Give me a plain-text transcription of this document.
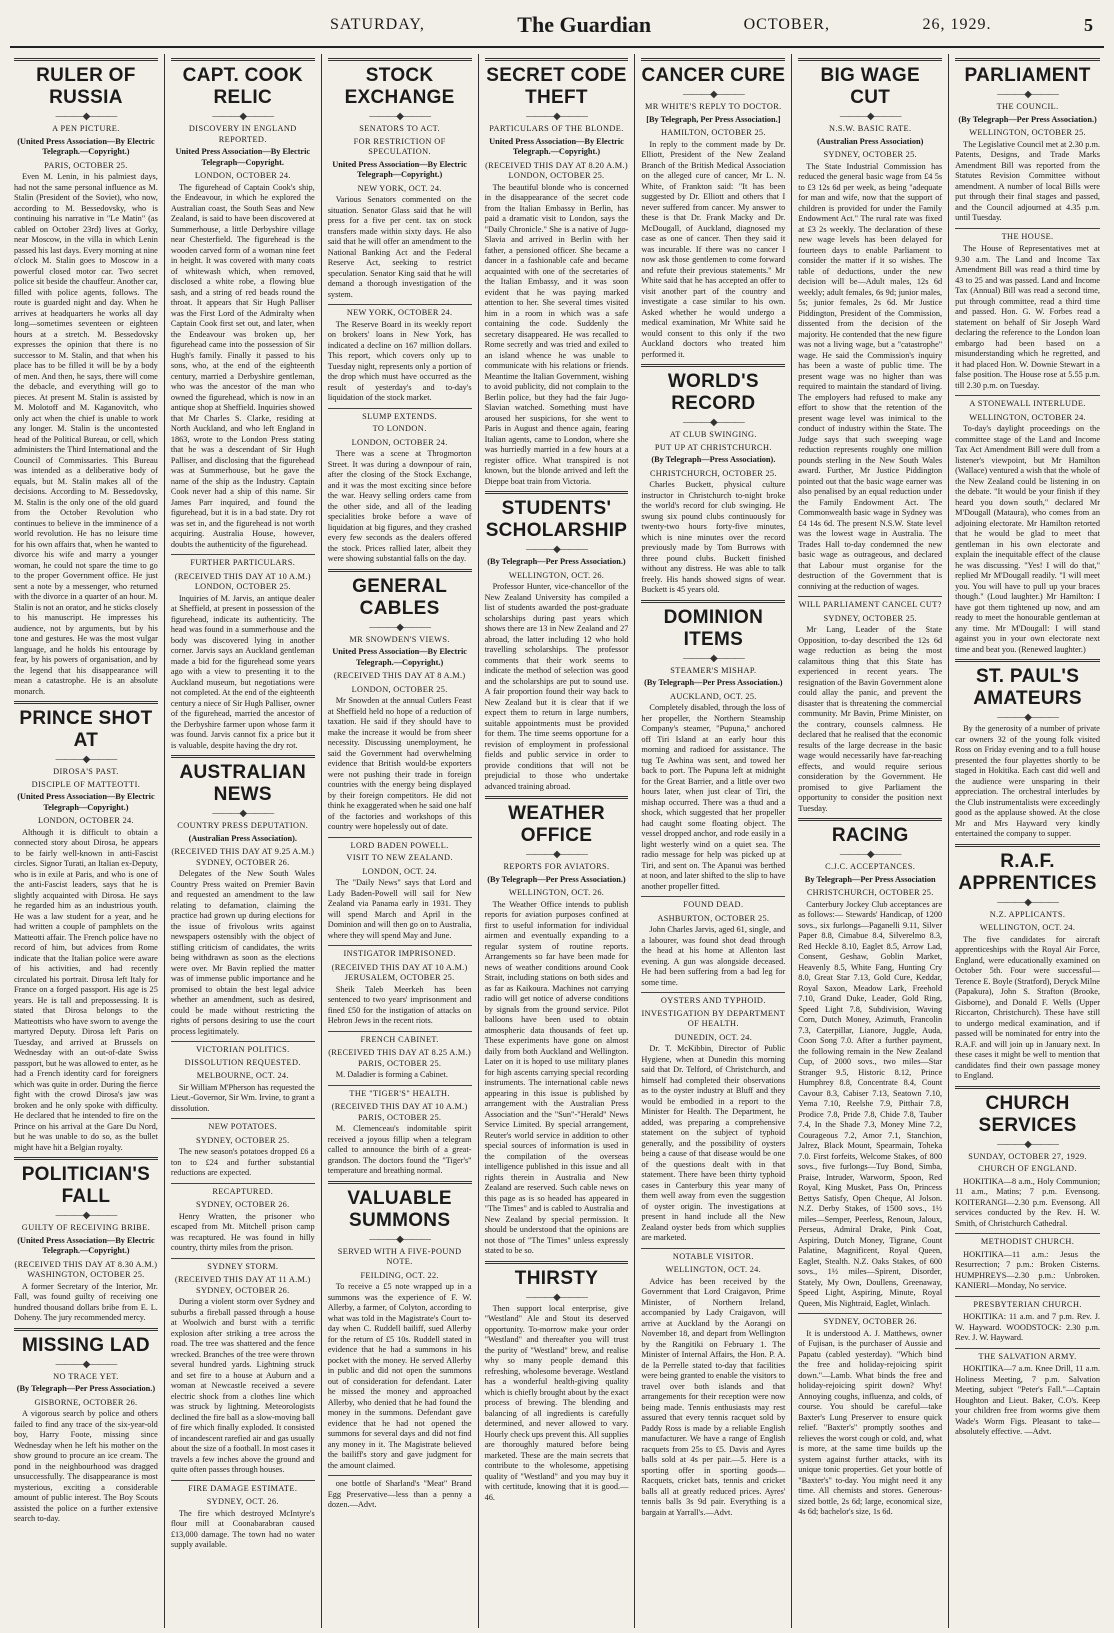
SATURDAY,	The Guardian	OCTOBER,	26, 1929.	5
RULER OF RUSSIA
———◆———
A PEN PICTURE.
(United Press Association—By Electric Telegraph.—Copyright.)
PARIS, OCTOBER 25.

Even M. Lenin, in his palmiest days, had not the same personal influence as M. Stalin (President of the Soviet), who now, according to M. Bessedovsky, who is continuing his narrative in "Le Matin" (as cabled on October 23rd) lives at Gorky, near Moscow, in the villa in which Lenin passed his last days. Every morning at nine o'clock M. Stalin goes to Moscow in a powerful closed motor car. Two secret police sit beside the chauffeur. Another car, filled with police agents, follows. The route is guarded night and day. When he arrives at headquarters he works all day long—sometimes seventeen or eighteen hours at a stretch. M. Bessedovsky expresses the opinion that there is no successor to M. Stalin, and that when his place has to be filled it will be by a body of men. And then, he says, there will come the debacle, and everything will go to pieces. At present M. Stalin is assisted by M. Molotoff and M. Kaganovitch, who only act when the chief is unable to work any longer. M. Stalin is the uncontested head of the Political Bureau, or cell, which administers the Third International and the Council of Commissaries. This Bureau was intended as a deliberative body of equals, but M. Stalin makes all of the decisions. According to M. Bessedovsky, M. Stalin is the only one of the old guard from the October Revolution who continues to believe in the imminence of a world revolution. He has no leisure time for his own affairs that, when he wanted to divorce his wife and marry a younger woman, he could not spare the time to go to the proper Government office. He just sent a note by a messenger, who returned with the divorce in a quarter of an hour. M. Stalin is not an orator, and he sticks closely to his manuscript. He impresses his audience, not by arguments, but by his tone and gestures. He was the most vulgar language, and he holds his entourage by fear, by his powers of organisation, and by the legend that his disappearance will mean a catastrophe. He is an absolute monarch.

PRINCE SHOT AT
———◆———
DIROSA'S PAST.
DISCIPLE OF MATTEOTTI.
(United Press Association—By Electric Telegraph—Copyright.)
LONDON, OCTOBER 24.

Although it is difficult to obtain a connected story about Dirosa, he appears to be fairly well-known in anti-Fascist circles. Signor Turati, an Italian ex-Deputy, who is in exile at Paris, and who is one of the anti-Fascist leaders, says that he is slightly acquainted with Dirosa. He says he regarded him as an industrious youth. He was a law student for a year, and he had written a couple of pamphlets on the Matteotti affair. The French police have no record of him, but advices from Rome indicate that the Italian police were aware of his activities, and had recently circulated his portrait. Dirosa left Italy for France on a forged passport. His age is 25 years. He is tall and prepossessing. It is stated that Dirosa belongs to the Matteottists who have sworn to avenge the martyred Deputy. Dirosa left Paris on Tuesday, and arrived at Brussels on Wednesday with an out-of-date Swiss passport, but he was allowed to enter, as he had a French identity card for foreigners which was quite in order. During the fierce fight with the crowd Dirosa's jaw was broken and he only spoke with difficulty. He declared that he intended to fire on the Prince on his arrival at the Gare Du Nord, but he was unable to do so, as the bullet might have hit a Belgian royalty.

POLITICIAN'S FALL
———◆———
GUILTY OF RECEIVING BRIBE.
(United Press Association—By Electric Telegraph.—Copyright.)
(RECEIVED THIS DAY AT 8.30 A.M.) WASHINGTON, OCTOBER 25.

A former Secretary of the Interior, Mr. Fall, was found guilty of receiving one hundred thousand dollars bribe from E. L. Doheny. The jury recommended mercy.

MISSING LAD
———◆———
NO TRACE YET.
(By Telegraph—Per Press Association.)
GISBORNE, OCTOBER 26.

A vigorous search by police and others failed to find any trace of the six-year-old boy, Harry Foote, missing since Wednesday when he left his mother on the show ground to procure an ice cream. The pond in the neighbourhood was dragged unsuccessfully. The disappearance is most mysterious, exciting a considerable amount of public interest. The Boy Scouts assisted the police on a further extensive search to-day.

CAPT. COOK RELIC
———◆———
DISCOVERY IN ENGLAND REPORTED.
United Press Association—By Electric Telegraph—Copyright.
LONDON, OCTOBER 24.

The figurehead of Captain Cook's ship, the Endeavour, in which he explored the Australian coast, the South Seas and New Zealand, is said to have been discovered at Summerhouse, a little Derbyshire village near Chesterfield. The figurehead is the wooden carved form of a woman nine feet in height. It was covered with many coats of whitewash which, when removed, disclosed a white robe, a flowing blue sash, and a string of red beads round the throat. It appears that Sir Hugh Palliser was the First Lord of the Admiralty when Captain Cook first set out, and later, when the Endeavour was broken up, her figurehead came into the possession of Sir Hugh's family. Finally it passed to his sons, who, at the end of the eighteenth century, married a Derbyshire gentleman, who was the ancestor of the man who owned the figurehead, which is now in an antique shop at Sheffield. Inquiries showed that Mr Charles S. Clarke, residing at North Auckland, and who left England in 1863, wrote to the London Press stating that he was a descendant of Sir Hugh Palliser, and disclosing that the figurehead was at Summerhouse, but he gave the name of the ship as the Industry. Captain Cook never had a ship of this name. Sir James Parr inquired, and found the figurehead, but it is in a bad state. Dry rot was set in, and the figurehead is not worth acquiring. Australia House, however, doubts the authenticity of the figurehead.

FURTHER PARTICULARS.
(RECEIVED THIS DAY AT 10 A.M.) LONDON, OCTOBER 25.

Inquiries of M. Jarvis, an antique dealer at Sheffield, at present in possession of the figurehead, indicate its authenticity. The head was found in a summerhouse and the body was discovered lying in another corner. Jarvis says an Auckland gentleman made a bid for the figurehead some years ago with a view to presenting it to the Auckland museum, but negotiations were not completed. At the end of the eighteenth century a niece of Sir Hugh Palliser, owner of the figurehead, married the ancestor of the Derbyshire farmer upon whose farm it was found. Jarvis cannot fix a price but it is valuable, despite having the dry rot.

AUSTRALIAN NEWS
———◆———
COUNTRY PRESS DEPUTATION.
(Australian Press Association).
(RECEIVED THIS DAY AT 9.25 A.M.) SYDNEY, OCTOBER 26.

Delegates of the New South Wales Country Press waited on Premier Bavin and requested an amendment to the law relating to defamation, claiming the practice had grown up during elections for the issue of frivolous writs against newspapers ostensibly with the object of stifling criticism of candidates, the writs being withdrawn as soon as the elections were over. Mr Bavin replied the matter was of immense public importance and he promised to obtain the best legal advice whether an amendment, such as desired, could be made without restricting the rights of persons desiring to use the court process legitimately.

VICTORIAN POLITICS.
DISSOLUTION REQUESTED.
MELBOURNE, OCT. 24.

Sir William M'Pherson has requested the Lieut.-Governor, Sir Wm. Irvine, to grant a dissolution.

NEW POTATOES.
SYDNEY, OCTOBER 25.

The new season's potatoes dropped £6 a ton to £24 and further substantial reductions are expected.

RECAPTURED.
SYDNEY, OCTOBER 26.

Henry Wratten, the prisoner who escaped from Mt. Mitchell prison camp was recaptured. He was found in hilly country, thirty miles from the prison.

SYDNEY STORM.
(RECEIVED THIS DAY AT 11 A.M.) SYDNEY, OCTOBER 26.

During a violent storm over Sydney and suburbs a fireball passed through a house at Woolwich and burst with a terrific explosion after striking a tree across the road. The tree was shattered and the fence wrecked. Branches of the tree were thrown several hundred yards. Lightning struck and set fire to a house at Auburn and a woman at Newcastle received a severe electric shock from a clothes line which was struck by lightning. Meteorologists declined the fire ball as a slow-moving ball of fire which finally exploded. It consisted of incandescent rarefied air and gas usually about the size of a football. In most cases it travels a few inches above the ground and quite often passes through houses.

FIRE DAMAGE ESTIMATE.
SYDNEY, OCT. 26.

The fire which destroyed McIntyre's flour mill at Coonabarabran caused £13,000 damage. The town had no water supply available.

STOCK EXCHANGE
———◆———
SENATORS TO ACT.
FOR RESTRICTION OF SPECULATION.
United Press Association—By Electric Telegraph—Copyright.)
NEW YORK, OCT. 24.

Various Senators commented on the situation. Senator Glass said that he will press for a five per cent. tax on stock transfers made within sixty days. He also said that he will offer an amendment to the National Banking Act and the Federal Reserve Act, seeking to restrict speculation. Senator King said that he will demand a thorough investigation of the system.

NEW YORK, OCTOBER 24.

The Reserve Board in its weekly report on brokers' loans in New York, has indicated a decline on 167 million dollars. This report, which covers only up to Tuesday night, represents only a portion of the drop which must have occurred as the result of yesterday's and to-day's liquidation of the stock market.

SLUMP EXTENDS.
TO LONDON.
LONDON, OCTOBER 24.

There was a scene at Throgmorton Street. It was during a downpour of rain, after the closing of the Stock Exchange, and it was the most exciting since before the war. Heavy selling orders came from the other side, and all of the leading specialities broke before a wave of liquidation at big figures, and they crashed every few seconds as the dealers offered the stock. Prices rallied later, albeit they were showing substantial falls on the day.

GENERAL CABLES
———◆———
MR SNOWDEN'S VIEWS.
United Press Association—By Electric Telegraph.—Copyright.)
(RECEIVED THIS DAY AT 8 A.M.)
LONDON, OCTOBER 25.

Mr Snowden at the annual Cutlers Feast at Sheffield held no hope of a reduction of taxation. He said if they should have to make the increase it would be from sheer necessity. Discussing unemployment, he said the Government had overwhelming evidence that British would-be exporters were not pushing their trade in foreign countries with the energy being displayed by their foreign competitors. He did not think he exaggerated when he said one half of the factories and workshops of this country were hopelessly out of date.

LORD BADEN POWELL.
VISIT TO NEW ZEALAND.
LONDON, OCT. 24.

The "Daily News" says that Lord and Lady Baden-Powell will sail for New Zealand via Panama early in 1931. They will spend March and April in the Dominion and will then go on to Australia, where they will spend May and June.

INSTIGATOR IMPRISONED.
(RECEIVED THIS DAY AT 10 A.M.) JERUSALEM, OCTOBER 25.

Sheik Taleb Meerkeh has been sentenced to two years' imprisonment and fined £50 for the instigation of attacks on Hebron Jews in the recent riots.

FRENCH CABINET.
(RECEIVED THIS DAY AT 8.25 A.M.) PARIS, OCTOBER 25.

M. Daladier is forming a Cabinet.

THE "TIGER'S" HEALTH.
(RECEIVED THIS DAY AT 10 A.M.) PARIS, OCTOBER 25.

M. Clemenceau's indomitable spirit received a joyous fillip when a telegram called to announce the birth of a great-grandson. The doctors found the "Tiger's" temperature and breathing normal.

VALUABLE SUMMONS
———◆———
SERVED WITH A FIVE-POUND NOTE.
FEILDING, OCT. 22.

To receive a £5 note wrapped up in a summons was the experience of F. W. Allerby, a farmer, of Colyton, according to what was told in the Magistrate's Court to-day when C. Ruddell bailiff, sued Allerby for the return of £5 10s. Ruddell stated in evidence that he had a summons in his pocket with the money. He served Allerby in public and did not open the summons out of consideration for defendant. Later he missed the money and approached Allerby, who denied that he had found the money in the summons. Defendant gave evidence that he had not opened the summons for several days and did not find any money in it. The Magistrate believed the bailiff's story and gave judgment for the amount claimed.

one bottle of Sharland's "Meat" Brand Egg Preservative—less than a penny a dozen.—Advt.

SECRET CODE THEFT
———◆———
PARTICULARS OF THE BLONDE.
United Press Association—By Electric Telegraph.—Copyright.)
(RECEIVED THIS DAY AT 8.20 A.M.) LONDON, OCTOBER 25.

The beautiful blonde who is concerned in the disappearance of the secret code from the Italian Embassy in Berlin, has paid a dramatic visit to London, says the "Daily Chronicle." She is a native of Jugo-Slavia and arrived in Berlin with her father, a pensioned officer. She became a dancer in a fashionable cafe and became acquainted with one of the secretaries of the Italian Embassy, and it was soon evident that he was paying marked attention to her. She several times visited him in a room in which was a safe containing the code. Suddenly the secretary disappeared. He was recalled to Rome secretly and was tried and exiled to an island whence he was unable to communicate with his relations or friends. Meantime the Italian Government, wishing to avoid publicity, did not complain to the Berlin police, but they had the fair Jugo-Slavian watched. Something must have aroused her suspicions, for she went to Paris in August and thence again, fearing Italian agents, came to London, where she was hurriedly married in a few hours at a register office. What transpired is not known, but the blonde arrived and left the Dieppe boat train from Victoria.

STUDENTS' SCHOLARSHIP
———◆———
(By Telegraph—Per Press Association.)
WELLINGTON, OCT. 26.

Professor Hunter, vice-chancellor of the New Zealand University has compiled a list of students awarded the post-graduate scholarships during past years which shows there are 13 in New Zealand and 27 abroad, the latter including 12 who hold travelling scholarships. The professor comments that their work seems to indicate the method of selection was good and the scholarships are put to sound use. A fair proportion found their way back to New Zealand but it is clear that if we expect them to return in large numbers, suitable appointments must be provided for them. The time seems opportune for a revision of employment in professional fields and public service in order to provide conditions that will not be prejudicial to those who undertake advanced training abroad.

WEATHER OFFICE
———◆———
REPORTS FOR AVIATORS.
(By Telegraph—Per Press Association.)
WELLINGTON, OCT. 26.

The Weather Office intends to publish reports for aviation purposes confined at first to useful information for individual airmen and eventually expanding to a regular system of routine reports. Arrangements so far have been made for news of weather conditions around Cook Strait, including stations on both sides and as far as Kaikoura. Machines not carrying radio will get notice of adverse conditions by signals from the ground service. Pilot balloons have been used to obtain atmospheric data thousands of feet up. These experiments have gone on almost daily from both Auckland and Wellington. Later on it is hoped to use military planes for high ascents carrying special recording instruments. The international cable news appearing in this issue is published by arrangement with the Australian Press Association and the "Sun"-"Herald" News Service Limited. By special arrangement, Reuter's world service in addition to other special sources of information is used in the compilation of the overseas intelligence published in this issue and all rights therein in Australia and New Zealand are reserved. Such cable news on this page as is so headed has appeared in "The Times" and is cabled to Australia and New Zealand by special permission. It should be understood that the opinions are not those of "The Times" unless expressly stated to be so.

THIRSTY
———◆———

Then support local enterprise, give "Westland" Ale and Stout its deserved opportunity. To-morrow make your order "Westland" and thereafter you will trust the purity of "Westland" brew, and realise why so many people demand this refreshing, wholesome beverage. Westland has a wonderful health-giving quality which is chiefly brought about by the exact process of brewing. The blending and balancing of all ingredients is carefully determined, and never allowed to vary. Hourly check ups prevent this. All supplies are thoroughly matured before being marketed. These are the main secrets that contribute to the wholesome, appetising quality of "Westland" and you may buy it with certitude, knowing that it is good.—46.

CANCER CURE
———◆———
MR WHITE'S REPLY TO DOCTOR.
[By Telegraph, Per Press Association.]
HAMILTON, OCTOBER 25.

In reply to the comment made by Dr. Elliott, President of the New Zealand Branch of the British Medical Association on the alleged cure of cancer, Mr L. N. White, of Frankton said: "It has been suggested by Dr. Elliott and others that I never suffered from cancer. My answer to these is that Dr. Frank Macky and Dr. McDougall, of Auckland, diagnosed my case as one of cancer. Then they said it was incurable. If there was no cancer I now ask those gentlemen to come forward and refute their previous statements." Mr White said that he has accepted an offer to visit another part of the country and investigate a case similar to his own. Asked whether he would undergo a medical examination, Mr White said he would consent to this only if the two Auckland doctors who treated him performed it.

WORLD'S RECORD
———◆———
AT CLUB SWINGING.
PUT UP AT CHRISTCHURCH.
(By Telegraph—Press Association).
CHRISTCHURCH, OCTOBER 25.

Charles Buckett, physical culture instructor in Christchurch to-night broke the world's record for club swinging. He swung six pound clubs continuously for twenty-two hours forty-five minutes, which is nine minutes over the record previously made by Tom Burrows with three pound clubs. Buckett finished without any distress. He was able to talk freely. His hands showed signs of wear. Buckett is 45 years old.

DOMINION ITEMS
———◆———
STEAMER'S MISHAP.
(By Telegraph—Per Press Association.)
AUCKLAND, OCT. 25.

Completely disabled, through the loss of her propeller, the Northern Steamship Company's steamer, "Pupuna," anchored off Tiri Island at an early hour this morning and radioed for assistance. The tug Te Awhina was sent, and towed her back to port. The Pupuna left at midnight for the Great Barrier, and a little over two hours later, when just clear of Tiri, the mishap occurred. There was a thud and a shock, which suggested that her propeller had caught some floating object. The vessel dropped anchor, and rode easily in a light westerly wind on a quiet sea. The radio message for help was picked up at Tiri, and sent on. The Apanui was berthed at noon, and later shifted to the slip to have another propeller fitted.

FOUND DEAD.
ASHBURTON, OCTOBER 25.

John Charles Jarvis, aged 61, single, and a labourer, was found shot dead through the head at his home at Allenton last evening. A gun was alongside deceased. He had been suffering from a bad leg for some time.

OYSTERS AND TYPHOID.
INVESTIGATION BY DEPARTMENT OF HEALTH.
DUNEDIN, OCT. 24.

Dr. T. McKibbin, Director of Public Hygiene, when at Dunedin this morning said that Dr. Telford, of Christchurch, and himself had completed their observations as to the oyster industry at Bluff and they would be embodied in a report to the Minister for Health. The Department, he added, was preparing a comprehensive statement on the subject of typhoid generally, and the possibility of oysters being a cause of that disease would be one of the questions dealt with in that statement. There have been thirty typhoid cases in Canterbury this year many of them well away from even the suggestion of oyster origin. The investigations at present in hand include all the New Zealand oyster beds from which supplies are marketed.

NOTABLE VISITOR.
WELLINGTON, OCT. 24.

Advice has been received by the Government that Lord Craigavon, Prime Minister, of Northern Ireland, accompanied by Lady Craigavon, will arrive at Auckland by the Aorangi on November 18, and depart from Wellington by the Rangitiki on February 1. The Minister of Internal Affairs, the Hon. P. A. de la Perrelle stated to-day that facilities were being granted to enable the visitors to travel over both islands and that arrangements for their reception were now being made. Tennis enthusiasts may rest assured that every tennis racquet sold by Paddy Ross is made by a reliable English manufacturer. We have a range of English racquets from 25s to £5. Davis and Ayres balls sold at 4s per pair.—5. Here is a sporting offer in sporting goods—Racquets, cricket bats, tennis and cricket balls all at greatly reduced prices. Ayres' tennis balls 3s 9d pair. Everything is a bargain at Yarrall's.—Advt.

BIG WAGE CUT
———◆———
N.S.W. BASIC RATE.
(Australian Press Association)
SYDNEY, OCTOBER 25.

The State Industrial Commission has reduced the general basic wage from £4 5s to £3 12s 6d per week, as being "adequate for man and wife, now that the support of children is provided for under the Family Endowment Act." The rural rate was fixed at £3 2s weekly. The declaration of these new wage levels has been delayed for fourteen days to enable Parliament to consider the matter if it so wishes. The table of deductions, under the new decision will be—Adult males, 12s 6d weekly; adult females, 6s 9d; junior males, 5s; junior females, 2s 6d. Mr Justice Piddington, President of the Commission, dissented from the decision of the majority. He contended that the new figure was not a living wage, but a "catastrophe" wage. He said the Commission's inquiry has been a waste of public time. The present wage was no higher than was required to maintain the standard of living. The employers had refused to make any effort to show that the retention of the present wage level was inimical to the conduct of industry within the State. The Judge says that such sweeping wage reduction represents roughly one million pounds sterling in the New South Wales award. Further, Mr Justice Piddington pointed out that the basic wage earner was also penalised by an equal reduction under the Family Endowment Act. The Commonwealth basic wage in Sydney was £4 14s 6d. The present N.S.W. State level was the lowest wage in Australia. The Trades Hall to-day condemned the new basic wage as outrageous, and declared that Labour must organise for the destruction of the Government that is conniving at the reduction of wages.

WILL PARLIAMENT CANCEL CUT?
SYDNEY, OCTOBER 25.

Mr Lang, Leader of the State Opposition, to-day described the 12s 6d wage reduction as being the most calamitous thing that this State has experienced in recent years. The resignation of the Bavin Government alone could allay the panic, and prevent the disaster that is threatening the commercial community. Mr Bavin, Prime Minister, on the contrary, counsels calmness. He declared that he realised that the economic results of the large decrease in the basic wage would necessarily have far-reaching effects, and would require serious consideration by the Government. He promised to give Parliament the opportunity to consider the position next Tuesday.

RACING
———◆———
C.J.C. ACCEPTANCES.
By Telegraph—Per Press Association
CHRISTCHURCH, OCTOBER 25.

Canterbury Jockey Club acceptances are as follows:— Stewards' Handicap, of 1200 sovs., six furlongs—Paganelli 9.11, Silver Paper 8.8, Cimabue 8.4, Silverelmo 8.3, Red Heckle 8.10, Eaglet 8.5, Arrow Lad, Consent, Geshaw, Goblin Market, Heavenly 8.5, White Fang, Hunting Cry 8.0, Great Star 7.13, Gold Cure, Keddar, Royal Saxon, Meadow Lark, Freehold 7.10, Grand Duke, Leader, Gold Ring, Speed Light 7.8, Subdivision, Waving Corn, Dutch Money, Azimuth, Francolin 7.3, Caterpillar, Lianore, Juggle, Auda, Coon Song 7.0. After a further payment, the following remain in the New Zealand Cup, of 2000 sovs., two miles—Star Stranger 9.5, Historic 8.12, Prince Humphrey 8.8, Concentrate 8.4, Count Cavour 8.3, Cabiser 7.13, Seatown 7.10, Yema 7.10, Reelshe 7.9, Pitthair 7.8, Prodice 7.8, Pride 7.8, Chide 7.8, Tauber 7.4, In the Shade 7.3, Money Mine 7.2, Courageous 7.2, Amor 7.1, Stanchion, Jalrez, Black Mount, Spearmain, Toheka 7.0. First forfeits, Welcome Stakes, of 800 sovs., five furlongs—Tuy Bond, Simba, Praise, Intruder, Warworm, Spoon, Red Royal, King Musket, Pass On, Princess Bettys Satisfy, Open Cheque, Al Jolson. N.Z. Derby Stakes, of 1500 sovs., 1½ miles—Semper, Peerless, Renoun, Jaloux, Perseus, Admiral Drake, Pink Coat, Aspiring, Dutch Money, Tigrane, Count Palatine, Magnificent, Royal Queen, Eaglet, Stealth. N.Z. Oaks Stakes, of 600 sovs., 1½ miles—Spirent, Disorder, Stately, My Own, Doullens, Greenaway, Speed Light, Aspiring, Minute, Royal Queen, Mis Nightraid, Eaglet, Winlach.

SYDNEY, OCTOBER 26.

It is understood A. J. Matthews, owner of Fujisan, is the purchaser of Aussie and Papatu (cabled yesterday). "Which bind the free and holiday-rejoicing spirit down."—Lamb. What binds the free and holiday-rejoicing spirit down? Why! Annoying coughs, influenza, and colds, of course. You should be careful—take Baxter's Lung Preserver to ensure quick relief. "Baxter's" promptly soothes and relieves the worst cough or cold, and, what is more, at the same time builds up the system against further attacks, with its unique tonic properties. Get your bottle of "Baxter's" to-day. You might need it any time. All chemists and stores. Generous-sized bottle, 2s 6d; large, economical size, 4s 6d; bachelor's size, 1s 6d.

PARLIAMENT
———◆———
THE COUNCIL.
(By Telegraph—Per Press Association.)
WELLINGTON, OCTOBER 25.

The Legislative Council met at 2.30 p.m. Patents, Designs, and Trade Marks Amendment Bill was reported from the Statutes Revision Committee without amendment. A number of local Bills were put through their final stages and passed, and the Council adjourned at 4.35 p.m. until Tuesday.

THE HOUSE.

The House of Representatives met at 9.30 a.m. The Land and Income Tax Amendment Bill was read a third time by 43 to 25 and was passed. Land and Income Tax (Annual) Bill was read a second time, put through committee, read a third time and passed. Hon. G. W. Forbes read a statement on behalf of Sir Joseph Ward declaring the reference to the London loan embargo had been based on a misunderstanding which he regretted, and it had placed Hon. W. Downie Stewart in a false position. The House rose at 5.55 p.m. till 2.30 p.m. on Tuesday.

A STONEWALL INTERLUDE.
WELLINGTON, OCTOBER 24.

To-day's daylight proceedings on the committee stage of the Land and Income Tax Act Amendment Bill were dull from a listener's viewpoint, but Mr Hamilton (Wallace) ventured a wish that the whole of the New Zealand could be listening in on the debate. "It would be your finish if they heard you down south," declared Mr M'Dougall (Mataura), who comes from an adjoining electorate. Mr Hamilton retorted that he would be glad to meet that gentleman in his own electorate and explain the inequitable effect of the clause he was discussing. "Yes! I will do that," replied Mr M'Dougall readily. "I will meet you. You will have to pull up your braces though." (Loud laughter.) Mr Hamilton: I have got them tightened up now, and am ready to meet the honourable gentleman at any time. Mr M'Dougall: I will stand against you in your own electorate next time and beat you. (Renewed laughter.)

ST. PAUL'S AMATEURS
———◆———

By the generosity of a number of private car owners 32 of the young folk visited Ross on Friday evening and to a full house presented the four playettes shortly to be staged in Hokitika. Each cast did well and the audience were unsparing in their appreciation. The orchestral interludes by the Club instrumentalists were exceedingly good as the applause showed. At the close Mr and Mrs Hayward very kindly entertained the company to supper.

R.A.F. APPRENTICES
———◆———
N.Z. APPLICANTS.
WELLINGTON, OCT. 24.

The five candidates for aircraft apprenticeships with the Royal Air Force, England, were educationally examined on October 5th. Four were successful—Terence E. Boyle (Stratford), Deryck Milne (Papakura), John S. Strafton (Brooke, Gisborne), and Donald F. Wells (Upper Riccarton, Christchurch). These have still to undergo medical examination, and if passed will be nominated for entry into the R.A.F. and will join up in January next. In these cases it might be well to mention that candidates find their own passage money to England.

CHURCH SERVICES
———◆———
SUNDAY, OCTOBER 27, 1929.
CHURCH OF ENGLAND.

HOKITIKA—8 a.m., Holy Communion; 11 a.m., Matins; 7 p.m. Evensong. KOITERANGI—2.30 p.m. Evensong. All services conducted by the Rev. H. W. Smith, of Christchurch Cathedral.

METHODIST CHURCH.

HOKITIKA—11 a.m.: Jesus the Resurrection; 7 p.m.: Broken Cisterns. HUMPHREYS—2.30 p.m.: Unbroken. KANIERI—Monday, No service.

PRESBYTERIAN CHURCH.

HOKITIKA: 11 a.m. and 7 p.m. Rev. J. W. Hayward. WOODSTOCK: 2.30 p.m. Rev. J. W. Hayward.

THE SALVATION ARMY.

HOKITIKA—7 a.m. Knee Drill, 11 a.m. Holiness Meeting, 7 p.m. Salvation Meeting, subject "Peter's Fall."—Captain Houghton and Lieut. Baker, C.O's. Keep your children free from worms give them Wade's Worm Figs. Pleasant to take—absolutely effective. —Advt.
